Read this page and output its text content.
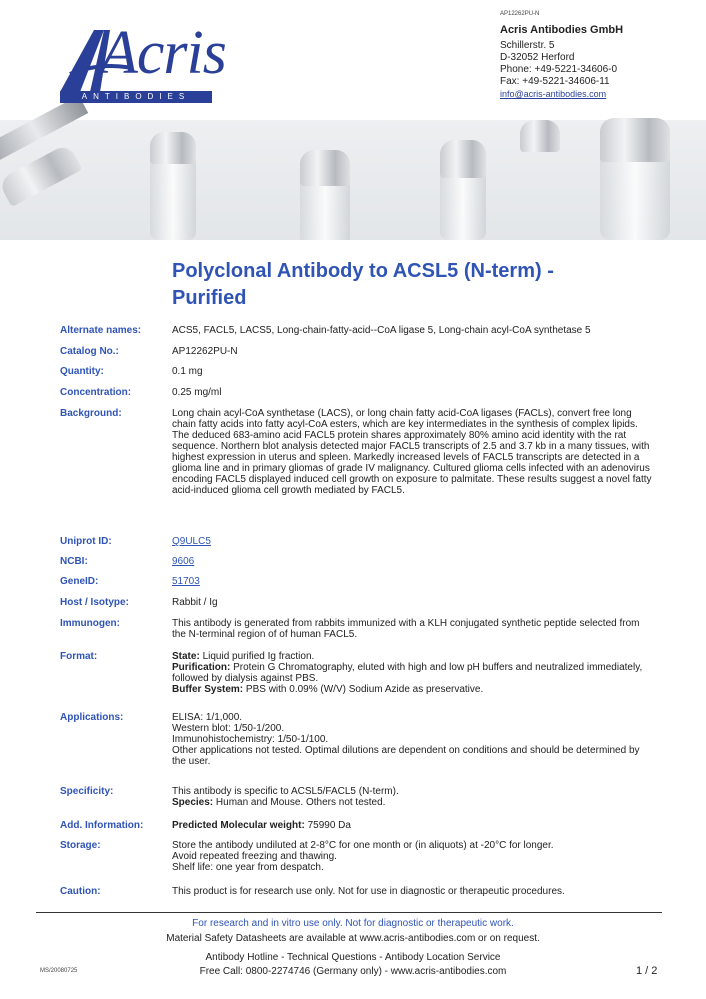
Acris
ANTIBODIES
AP12262PU-N
Acris Antibodies GmbH
Schillerstr. 5
D-32052 Herford
Phone: +49-5221-34606-0
Fax: +49-5221-34606-11
info@acris-antibodies.com
Polyclonal Antibody to ACSL5 (N-term) -
Purified
Alternate names:	ACS5, FACL5, LACS5, Long-chain-fatty-acid--CoA ligase 5, Long-chain acyl-CoA synthetase 5
Catalog No.:	AP12262PU-N
Quantity:	0.1 mg
Concentration:	0.25 mg/ml
Background:	Long chain acyl-CoA synthetase (LACS), or long chain fatty acid-CoA ligases (FACLs), convert free long chain fatty acids into fatty acyl-CoA esters, which are key intermediates in the synthesis of complex lipids. The deduced 683-amino acid FACL5 protein shares approximately 80% amino acid identity with the rat sequence. Northern blot analysis detected major FACL5 transcripts of 2.5 and 3.7 kb in a many tissues, with highest expression in uterus and spleen. Markedly increased levels of FACL5 transcripts are detected in a glioma line and in primary gliomas of grade IV malignancy. Cultured glioma cells infected with an adenovirus encoding FACL5 displayed induced cell growth on exposure to palmitate. These results suggest a novel fatty acid-induced glioma cell growth mediated by FACL5.
Uniprot ID:	Q9ULC5
NCBI:	9606
GeneID:	51703
Host / Isotype:	Rabbit / Ig
Immunogen:	This antibody is generated from rabbits immunized with a KLH conjugated synthetic peptide selected from the N-terminal region of of human FACL5.
Format:	State: Liquid purified Ig fraction.
Purification: Protein G Chromatography, eluted with high and low pH buffers and neutralized immediately, followed by dialysis against PBS.
Buffer System: PBS with 0.09% (W/V) Sodium Azide as preservative.
Applications:	ELISA: 1/1,000.
Western blot: 1/50-1/200.
Immunohistochemistry: 1/50-1/100.
Other applications not tested. Optimal dilutions are dependent on conditions and should be determined by the user.
Specificity:	This antibody is specific to ACSL5/FACL5 (N-term).
Species: Human and Mouse. Others not tested.
Add. Information:	Predicted Molecular weight: 75990 Da
Storage:	Store the antibody undiluted at 2-8°C for one month or (in aliquots) at -20°C for longer.
Avoid repeated freezing and thawing.
Shelf life: one year from despatch.
Caution:	This product is for research use only. Not for use in diagnostic or therapeutic procedures.
For research and in vitro use only. Not for diagnostic or therapeutic work.
Material Safety Datasheets are available at www.acris-antibodies.com or on request.
Antibody Hotline - Technical Questions - Antibody Location Service
Free Call: 0800-2274746 (Germany only) - www.acris-antibodies.com
MS/20080725	1 / 2
